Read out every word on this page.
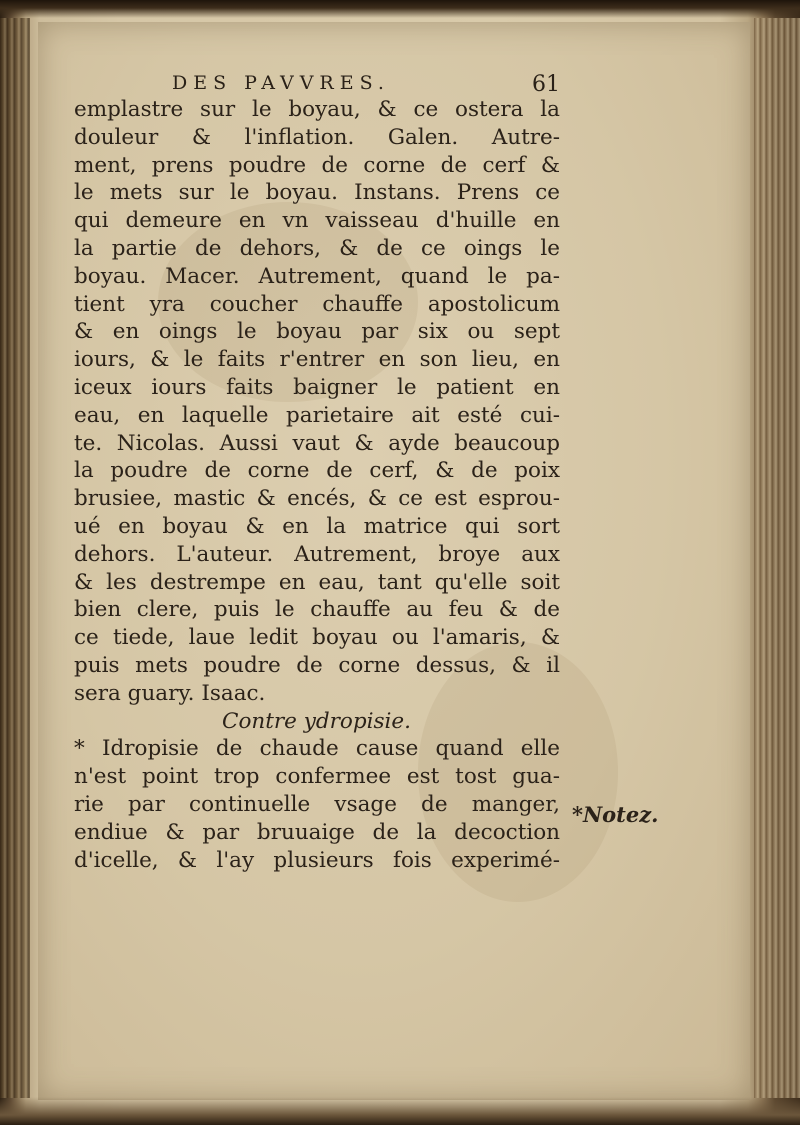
DES PAVVRES.	61
emplastre sur le boyau, & ce ostera la
douleur & l'inflation. Galen. Autre-
ment, prens poudre de corne de cerf &
le mets sur le boyau. Instans. Prens ce
qui demeure en vn vaisseau d'huille en
la partie de dehors, & de ce oings le
boyau. Macer. Autrement, quand le pa-
tient yra coucher chauffe apostolicum
& en oings le boyau par six ou sept
iours, & le faits r'entrer en son lieu, en
iceux iours faits baigner le patient en
eau, en laquelle parietaire ait esté cui-
te. Nicolas. Aussi vaut & ayde beaucoup
la poudre de corne de cerf, & de poix
brusiee, mastic & encés, & ce est esprou-
ué en boyau & en la matrice qui sort
dehors. L'auteur. Autrement, broye aux
& les destrempe en eau, tant qu'elle soit
bien clere, puis le chauffe au feu & de
ce tiede, laue ledit boyau ou l'amaris, &
puis mets poudre de corne dessus, & il
sera guary. Isaac.
Contre ydropisie.
* Idropisie de chaude cause quand elle
n'est point trop confermee est tost gua-
rie par continuelle vsage de manger,
endiue & par bruuaige de la decoction
d'icelle, & l'ay plusieurs fois experimé-
*Notez.
